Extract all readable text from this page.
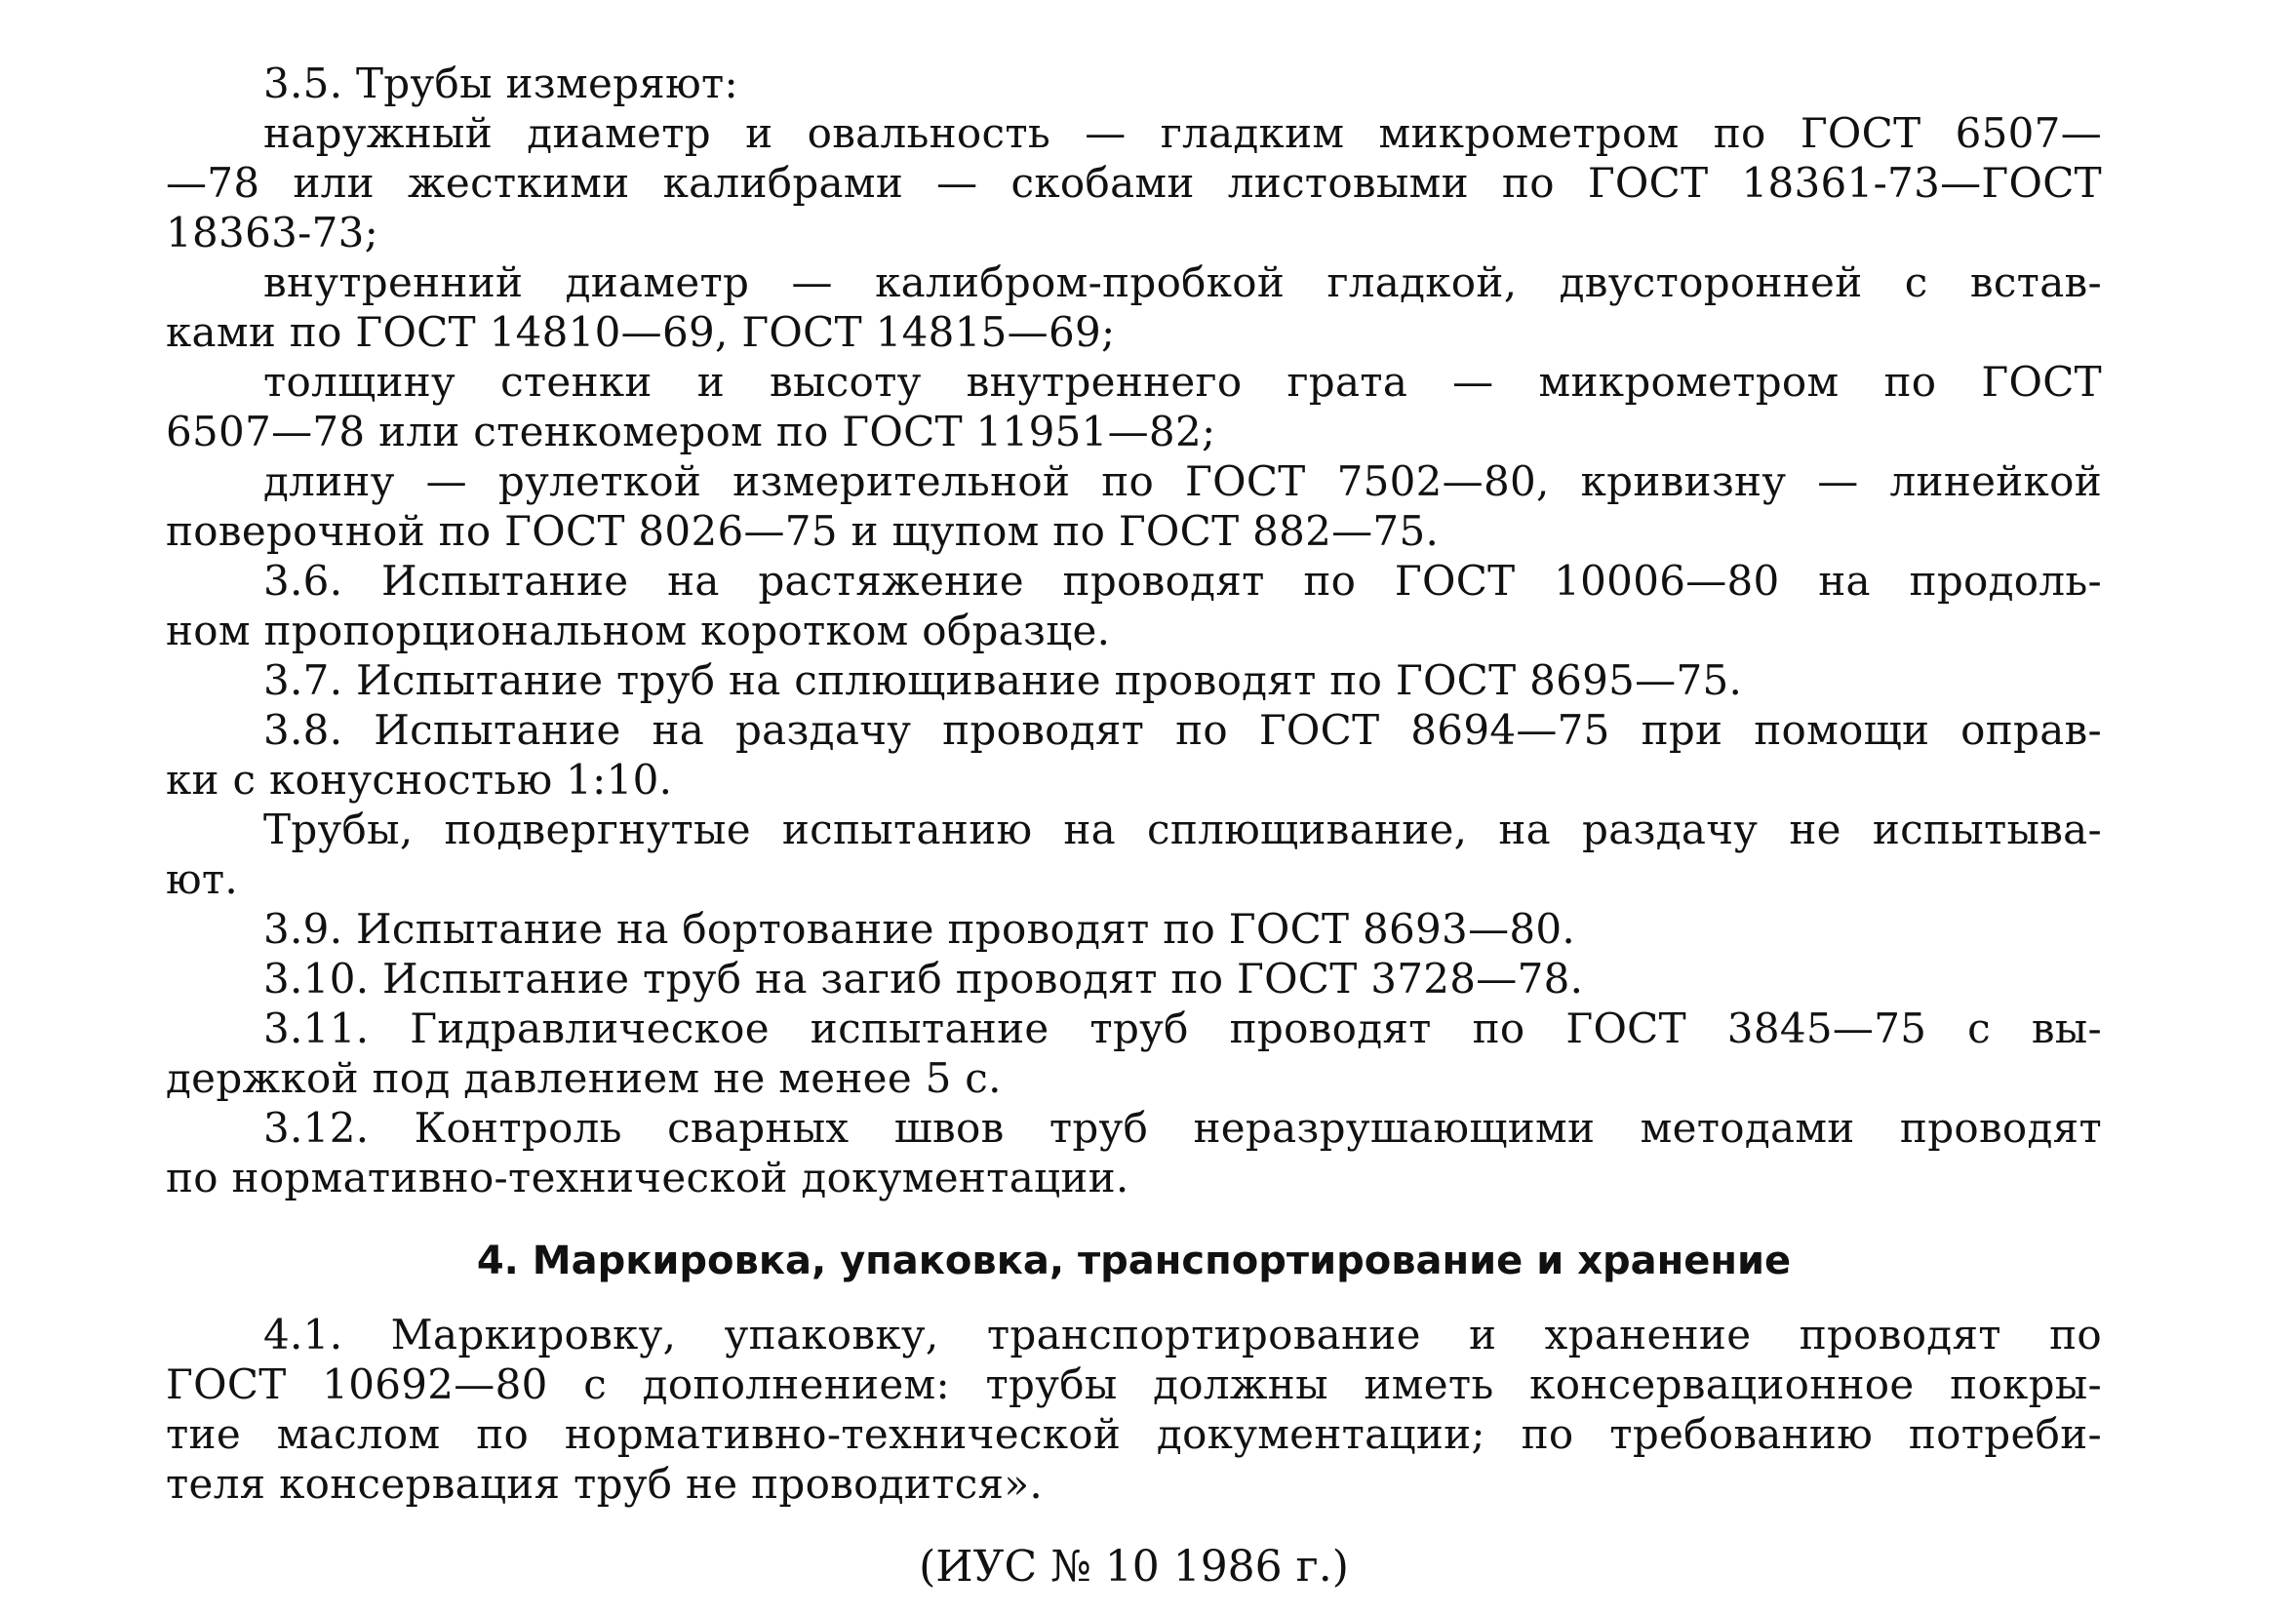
3.5. Трубы измеряют:
наружный диаметр и овальность — гладким микрометром по ГОСТ 6507—
—78 или жесткими калибрами — скобами листовыми по ГОСТ 18361-73—ГОСТ
18363-73;
внутренний диаметр — калибром-пробкой гладкой, двусторонней с встав-
ками по ГОСТ 14810—69, ГОСТ 14815—69;
толщину стенки и высоту внутреннего грата — микрометром по ГОСТ
6507—78 или стенкомером по ГОСТ 11951—82;
длину — рулеткой измерительной по ГОСТ 7502—80, кривизну — линейкой
поверочной по ГОСТ 8026—75 и щупом по ГОСТ 882—75.
3.6. Испытание на растяжение проводят по ГОСТ 10006—80 на продоль-
ном пропорциональном коротком образце.
3.7. Испытание труб на сплющивание проводят по ГОСТ 8695—75.
3.8. Испытание на раздачу проводят по ГОСТ 8694—75 при помощи оправ-
ки с конусностью 1:10.
Трубы, подвергнутые испытанию на сплющивание, на раздачу не испытыва-
ют.
3.9. Испытание на бортование проводят по ГОСТ 8693—80.
3.10. Испытание труб на загиб проводят по ГОСТ 3728—78.
3.11. Гидравлическое испытание труб проводят по ГОСТ 3845—75 с вы-
держкой под давлением не менее 5 с.
3.12. Контроль сварных швов труб неразрушающими методами проводят
по нормативно-технической документации.
4. Маркировка, упаковка, транспортирование и хранение
4.1. Маркировку, упаковку, транспортирование и хранение проводят по
ГОСТ 10692—80 с дополнением: трубы должны иметь консервационное покры-
тие маслом по нормативно-технической документации; по требованию потреби-
теля консервация труб не проводится».
(ИУС № 10 1986 г.)
